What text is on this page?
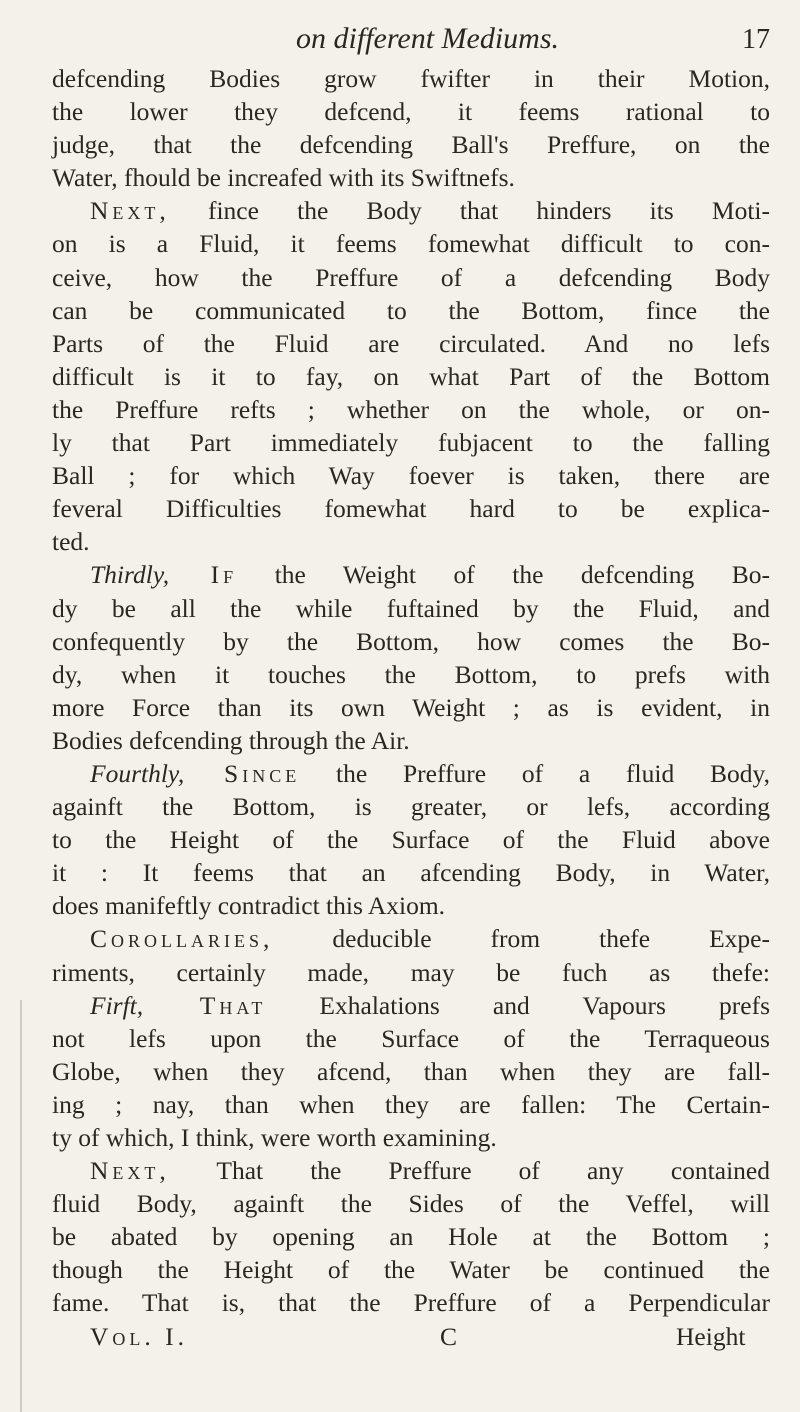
on different Mediums.	17
defcending Bodies grow fwifter in their Motion,
the lower they defcend, it feems rational to
judge, that the defcending Ball's Preffure, on the
Water, fhould be increafed with its Swiftnefs.
Next, fince the Body that hinders its Moti-
on is a Fluid, it feems fomewhat difficult to con-
ceive, how the Preffure of a defcending Body
can be communicated to the Bottom, fince the
Parts of the Fluid are circulated. And no lefs
difficult is it to fay, on what Part of the Bottom
the Preffure refts ; whether on the whole, or on-
ly that Part immediately fubjacent to the falling
Ball ; for which Way foever is taken, there are
feveral Difficulties fomewhat hard to be explica-
ted.
Thirdly, If the Weight of the defcending Bo-
dy be all the while fuftained by the Fluid, and
confequently by the Bottom, how comes the Bo-
dy, when it touches the Bottom, to prefs with
more Force than its own Weight ; as is evident, in
Bodies defcending through the Air.
Fourthly, Since the Preffure of a fluid Body,
againft the Bottom, is greater, or lefs, according
to the Height of the Surface of the Fluid above
it : It feems that an afcending Body, in Water,
does manifeftly contradict this Axiom.
Corollaries, deducible from thefe Expe-
riments, certainly made, may be fuch as thefe:
Firft, That Exhalations and Vapours prefs
not lefs upon the Surface of the Terraqueous
Globe, when they afcend, than when they are fall-
ing ; nay, than when they are fallen: The Certain-
ty of which, I think, were worth examining.
Next, That the Preffure of any contained
fluid Body, againft the Sides of the Veffel, will
be abated by opening an Hole at the Bottom ;
though the Height of the Water be continued the
fame. That is, that the Preffure of a Perpendicular
Vol. I.	C	Height
